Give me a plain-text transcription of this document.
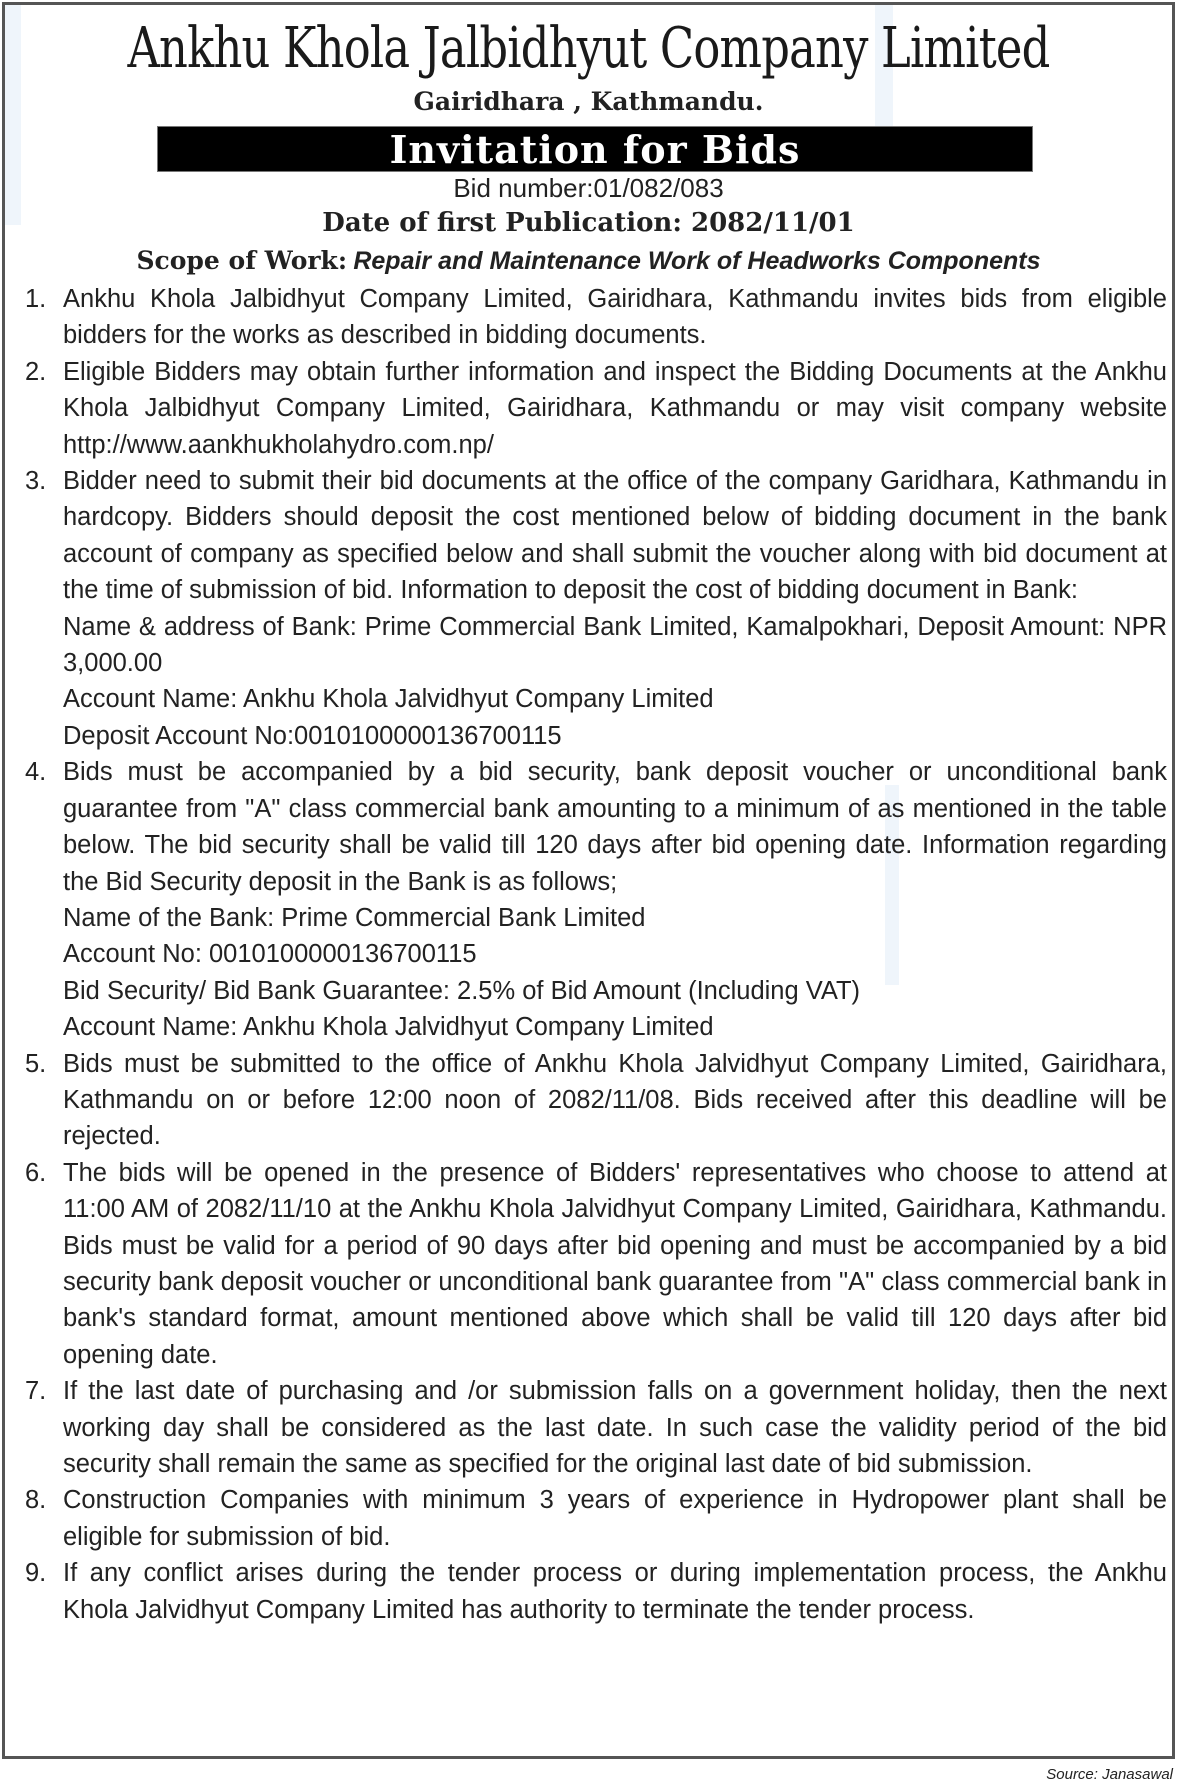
Ankhu Khola Jalbidhyut Company Limited
Gairidhara , Kathmandu.
Invitation for Bids
Bid number:01/082/083
Date of first Publication: 2082/11/01
Scope of Work: Repair and Maintenance Work of Headworks Components
1. Ankhu Khola Jalbidhyut Company Limited, Gairidhara, Kathmandu invites bids from eligible bidders for the works as described in bidding documents.
2. Eligible Bidders may obtain further information and inspect the Bidding Documents at the Ankhu Khola Jalbidhyut Company Limited, Gairidhara, Kathmandu or may visit company website http://www.aankhukholahydro.com.np/
3. Bidder need to submit their bid documents at the office of the company Garidhara, Kathmandu in hardcopy. Bidders should deposit the cost mentioned below of bidding document in the bank account of company as specified below and shall submit the voucher along with bid document at the time of submission of bid. Information to deposit the cost of bidding document in Bank:
Name & address of Bank: Prime Commercial Bank Limited, Kamalpokhari, Deposit Amount: NPR 3,000.00
Account Name: Ankhu Khola Jalvidhyut Company Limited
Deposit Account No:0010100000136700115
4. Bids must be accompanied by a bid security, bank deposit voucher or unconditional bank guarantee from "A" class commercial bank amounting to a minimum of as mentioned in the table below. The bid security shall be valid till 120 days after bid opening date. Information regarding the Bid Security deposit in the Bank is as follows;
Name of the Bank: Prime Commercial Bank Limited
Account No: 0010100000136700115
Bid Security/ Bid Bank Guarantee: 2.5% of Bid Amount (Including VAT)
Account Name: Ankhu Khola Jalvidhyut Company Limited
5. Bids must be submitted to the office of Ankhu Khola Jalvidhyut Company Limited, Gairidhara, Kathmandu on or before 12:00 noon of 2082/11/08. Bids received after this deadline will be rejected.
6. The bids will be opened in the presence of Bidders' representatives who choose to attend at 11:00 AM of 2082/11/10 at the Ankhu Khola Jalvidhyut Company Limited, Gairidhara, Kathmandu. Bids must be valid for a period of 90 days after bid opening and must be accompanied by a bid security bank deposit voucher or unconditional bank guarantee from "A" class commercial bank in bank's standard format, amount mentioned above which shall be valid till 120 days after bid opening date.
7. If the last date of purchasing and /or submission falls on a government holiday, then the next working day shall be considered as the last date. In such case the validity period of the bid security shall remain the same as specified for the original last date of bid submission.
8. Construction Companies with minimum 3 years of experience in Hydropower plant shall be eligible for submission of bid.
9. If any conflict arises during the tender process or during implementation process, the Ankhu Khola Jalvidhyut Company Limited has authority to terminate the tender process.
Source: Janasawal
